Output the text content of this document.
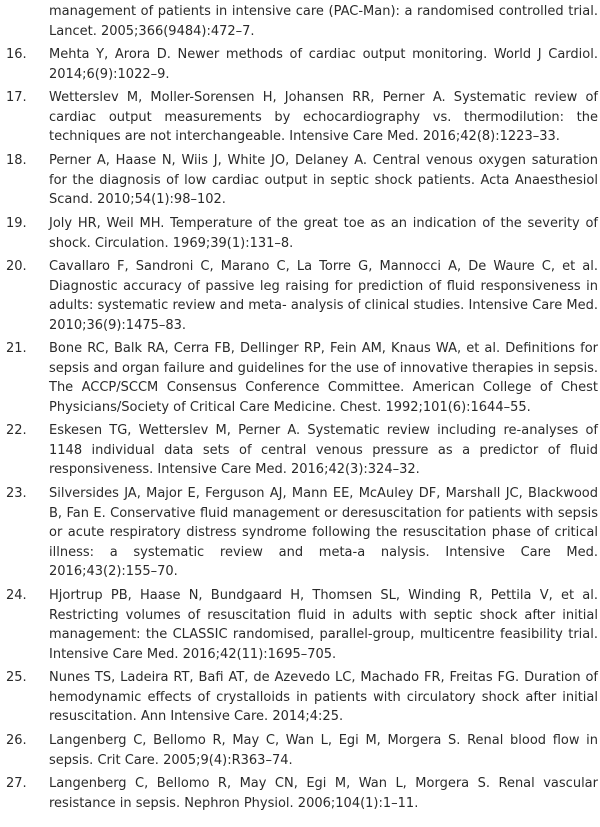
management of patients in intensive care (PAC-Man): a randomised controlled trial. Lancet. 2005;366(9484):472–7.
16.	Mehta Y, Arora D. Newer methods of cardiac output monitoring. World J Cardiol. 2014;6(9):1022–9.
17.	Wetterslev M, Moller-Sorensen H, Johansen RR, Perner A. Systematic review of cardiac output measurements by echocardiography vs. thermodilution: the techniques are not interchangeable. Intensive Care Med. 2016;42(8):1223–33.
18.	Perner A, Haase N, Wiis J, White JO, Delaney A. Central venous oxygen saturation for the diagnosis of low cardiac output in septic shock patients. Acta Anaesthesiol Scand. 2010;54(1):98–102.
19.	Joly HR, Weil MH. Temperature of the great toe as an indication of the severity of shock. Circulation. 1969;39(1):131–8.
20.	Cavallaro F, Sandroni C, Marano C, La Torre G, Mannocci A, De Waure C, et al. Diagnostic accuracy of passive leg raising for prediction of fluid responsiveness in adults: systematic review and meta- analysis of clinical studies. Intensive Care Med. 2010;36(9):1475–83.
21.	Bone RC, Balk RA, Cerra FB, Dellinger RP, Fein AM, Knaus WA, et al. Definitions for sepsis and organ failure and guidelines for the use of innovative therapies in sepsis. The ACCP/SCCM Consensus Conference Committee. American College of Chest Physicians/Society of Critical Care Medicine. Chest. 1992;101(6):1644–55.
22.	Eskesen TG, Wetterslev M, Perner A. Systematic review including re-analyses of 1148 individual data sets of central venous pressure as a predictor of fluid responsiveness. Intensive Care Med. 2016;42(3):324–32.
23.	Silversides JA, Major E, Ferguson AJ, Mann EE, McAuley DF, Marshall JC, Blackwood B, Fan E. Conservative fluid management or deresuscitation for patients with sepsis or acute respiratory distress syndrome following the resuscitation phase of critical illness: a systematic review and meta-a nalysis. Intensive Care Med. 2016;43(2):155–70.
24.	Hjortrup PB, Haase N, Bundgaard H, Thomsen SL, Winding R, Pettila V, et al. Restricting volumes of resuscitation fluid in adults with septic shock after initial management: the CLASSIC randomised, parallel-group, multicentre feasibility trial. Intensive Care Med. 2016;42(11):1695–705.
25.	Nunes TS, Ladeira RT, Bafi AT, de Azevedo LC, Machado FR, Freitas FG. Duration of hemodynamic effects of crystalloids in patients with circulatory shock after initial resuscitation. Ann Intensive Care. 2014;4:25.
26.	Langenberg C, Bellomo R, May C, Wan L, Egi M, Morgera S. Renal blood flow in sepsis. Crit Care. 2005;9(4):R363–74.
27.	Langenberg C, Bellomo R, May CN, Egi M, Wan L, Morgera S. Renal vascular resistance in sepsis. Nephron Physiol. 2006;104(1):1–11.
